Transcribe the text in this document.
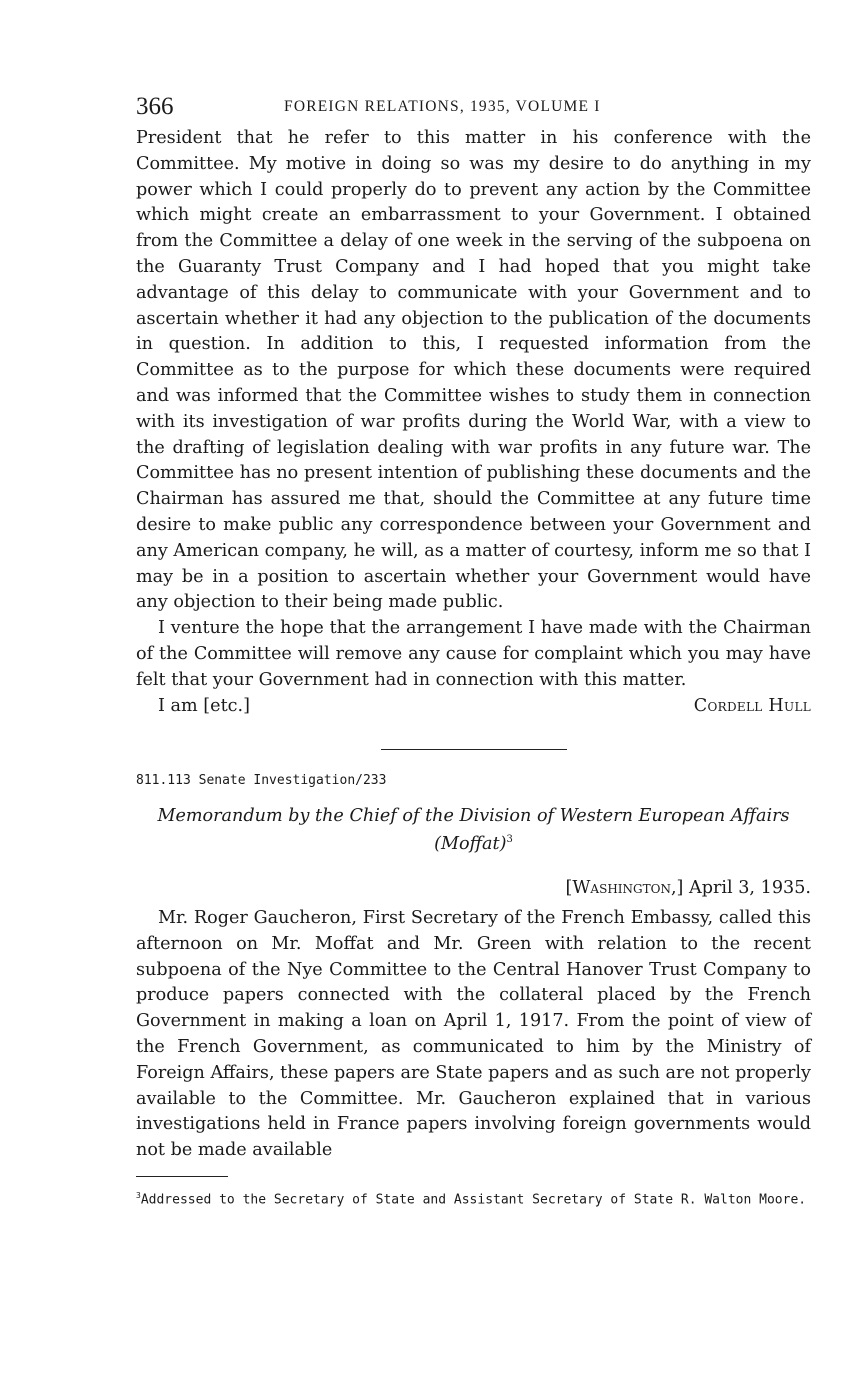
366	FOREIGN RELATIONS, 1935, VOLUME I

President that he refer to this matter in his conference with the Committee. My motive in doing so was my desire to do anything in my power which I could properly do to prevent any action by the Committee which might create an embarrassment to your Government. I obtained from the Committee a delay of one week in the serving of the subpoena on the Guaranty Trust Company and I had hoped that you might take advantage of this delay to communicate with your Government and to ascertain whether it had any objection to the publication of the documents in question. In addition to this, I requested information from the Committee as to the purpose for which these documents were required and was informed that the Committee wishes to study them in connection with its investigation of war profits during the World War, with a view to the drafting of legislation dealing with war profits in any future war. The Committee has no present intention of publishing these documents and the Chairman has assured me that, should the Committee at any future time desire to make public any correspondence between your Government and any American company, he will, as a matter of courtesy, inform me so that I may be in a position to ascertain whether your Government would have any objection to their being made public.

I venture the hope that the arrangement I have made with the Chairman of the Committee will remove any cause for complaint which you may have felt that your Government had in connection with this matter.

I am [etc.]	Cordell Hull
811.113 Senate Investigation/233
Memorandum by the Chief of the Division of Western European Affairs (Moffat)$^3$
[Washington,] April 3, 1935.

Mr. Roger Gaucheron, First Secretary of the French Embassy, called this afternoon on Mr. Moffat and Mr. Green with relation to the recent subpoena of the Nye Committee to the Central Hanover Trust Company to produce papers connected with the collateral placed by the French Government in making a loan on April 1, 1917. From the point of view of the French Government, as communicated to him by the Ministry of Foreign Affairs, these papers are State papers and as such are not properly available to the Committee. Mr. Gaucheron explained that in various investigations held in France papers involving foreign governments would not be made available

$^3$Addressed to the Secretary of State and Assistant Secretary of State R. Walton Moore.
